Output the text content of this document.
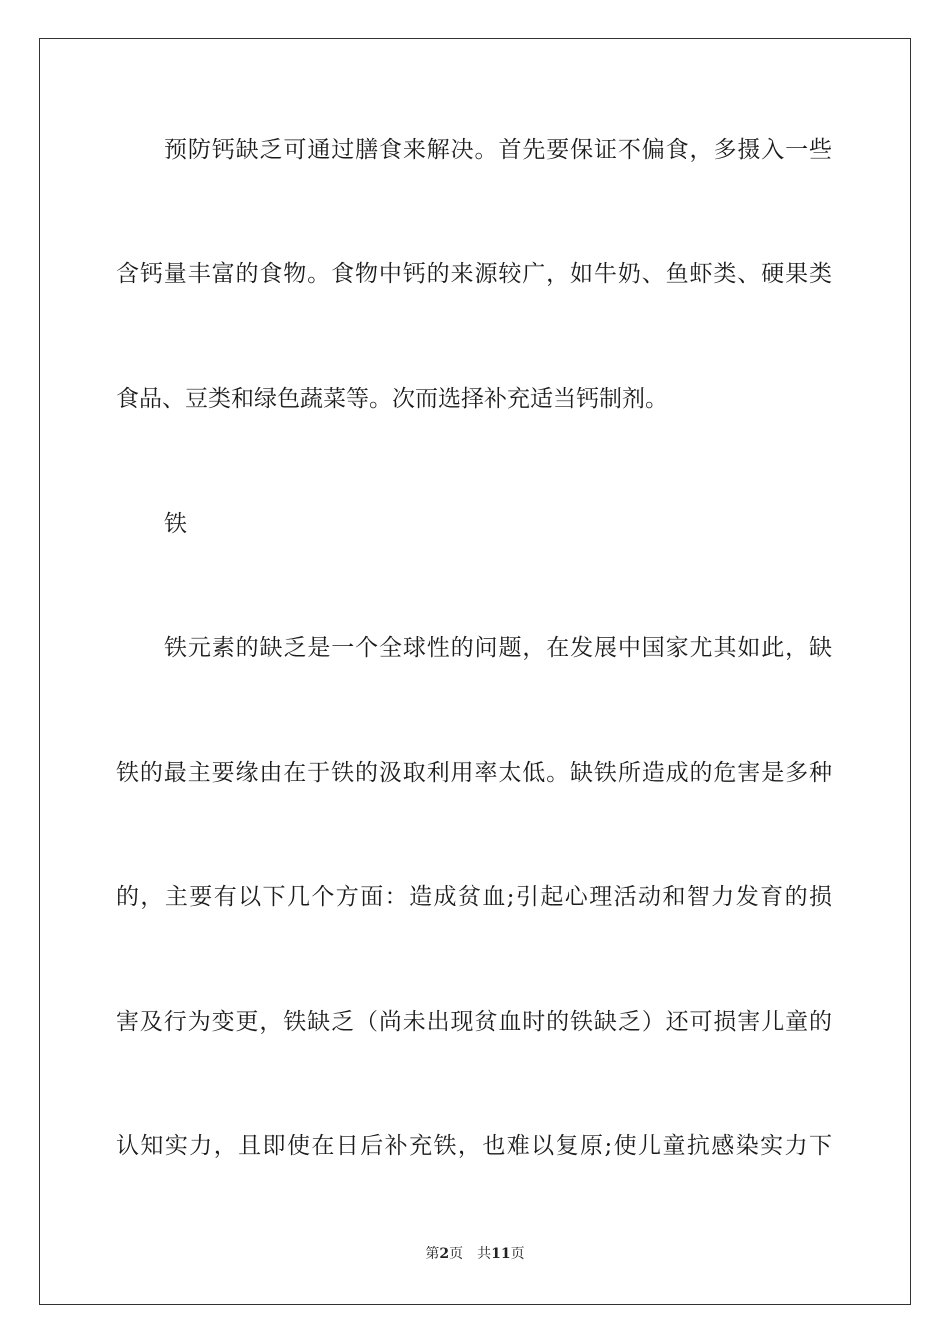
预防钙缺乏可通过膳食来解决。首先要保证不偏食，多摄入一些
含钙量丰富的食物。食物中钙的来源较广，如牛奶、鱼虾类、硬果类
食品、豆类和绿色蔬菜等。次而选择补充适当钙制剂。
铁
铁元素的缺乏是一个全球性的问题，在发展中国家尤其如此，缺
铁的最主要缘由在于铁的汲取利用率太低。缺铁所造成的危害是多种
的，主要有以下几个方面：造成贫血;引起心理活动和智力发育的损
害及行为变更，铁缺乏（尚未出现贫血时的铁缺乏）还可损害儿童的
认知实力，且即使在日后补充铁，也难以复原;使儿童抗感染实力下
第2页 共11页
